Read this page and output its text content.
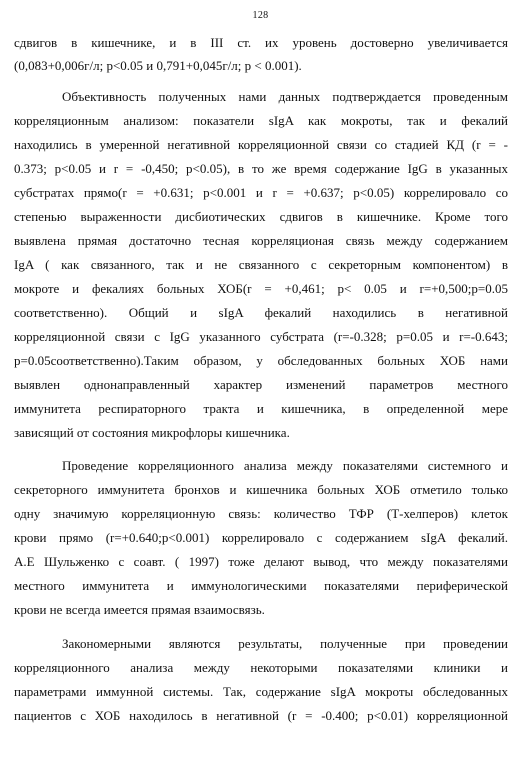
128
сдвигов в кишечнике, и в III ст. их уровень достоверно увеличивается
(0,083+0,006г/л; p<0.05 и 0,791+0,045г/л; p < 0.001).
Объективность полученных нами данных подтверждается проведенным
корреляционным анализом: показатели sIgA как мокроты, так и фекалий
находились в умеренной негативной корреляционной связи со стадией КД (r = -
0.373; p<0.05 и r = -0,450; p<0.05), в то же время содержание IgG в указанных
субстратах прямо(r = +0.631; p<0.001 и r = +0.637; p<0.05) коррелировало со
степенью выраженности дисбиотических сдвигов в кишечнике. Кроме того
выявлена прямая достаточно тесная корреляционая связь между содержанием
IgA ( как связанного, так и не связанного с секреторным компонентом) в
мокроте и фекалиях больных ХОБ(r = +0,461; p< 0.05 и r=+0,500;p=0.05
соответственно). Общий и sIgA фекалий находились в негативной
корреляционной связи с IgG указанного субстрата (r=-0.328; p=0.05 и r=-0.643;
p=0.05соответственно).Таким образом, у обследованных больных ХОБ нами
выявлен однонаправленный характер изменений параметров местного
иммунитета респираторного тракта и кишечника, в определенной мере
зависящий от состояния микрофлоры кишечника.
Проведение корреляционного анализа между показателями системного и
секреторного иммунитета бронхов и кишечника больных ХОБ отметило только
одну значимую корреляционную связь: количество ТФР (Т-хелперов) клеток
крови прямо (r=+0.640;p<0.001) коррелировало с содержанием sIgA фекалий.
А.Е Шульженко с соавт. ( 1997) тоже делают вывод, что между показателями
местного иммунитета и иммунологическими показателями периферической
крови не всегда имеется прямая взаимосвязь.
Закономерными являются результаты, полученные при проведении
корреляционного анализа между некоторыми показателями клиники и
параметрами иммунной системы. Так, содержание sIgA мокроты обследованных
пациентов с ХОБ находилось в негативной (r = -0.400; p<0.01) корреляционной
